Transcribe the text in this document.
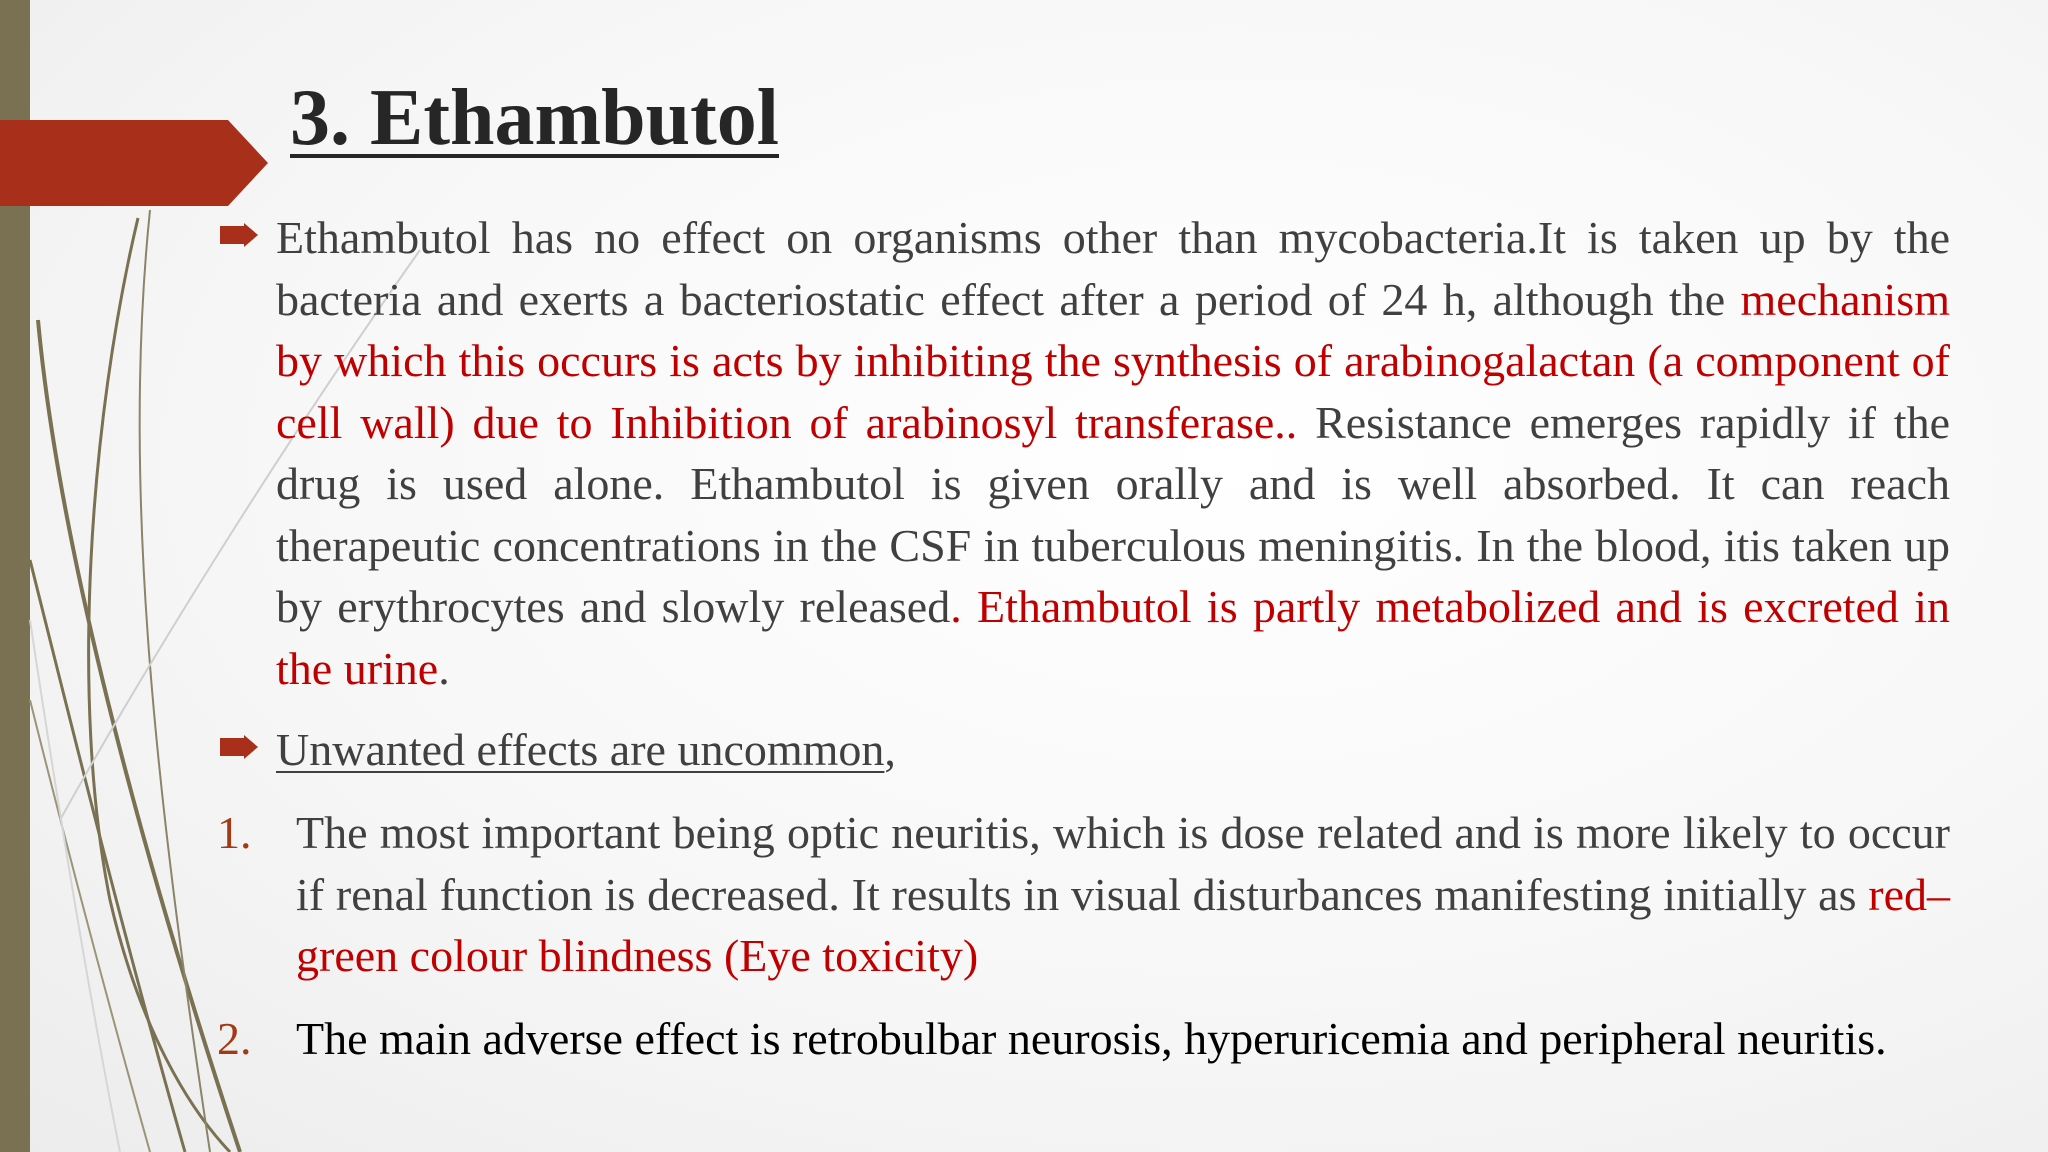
3. Ethambutol

Ethambutol has no effect on organisms other than mycobacteria.It is taken up by the bacteria and exerts a bacteriostatic effect after a period of 24 h, although the mechanism by which this occurs is acts by inhibiting the synthesis of arabinogalactan (a component of cell wall) due to Inhibition of arabinosyl transferase.. Resistance emerges rapidly if the drug is used alone. Ethambutol is given orally and is well absorbed. It can reach therapeutic concentrations in the CSF in tuberculous meningitis. In the blood, itis taken up by erythrocytes and slowly released. Ethambutol is partly metabolized and is excreted in the urine.

Unwanted effects are uncommon,

1. The most important being optic neuritis, which is dose related and is more likely to occur if renal function is decreased. It results in visual disturbances manifesting initially as red–green colour blindness (Eye toxicity)

2. The main adverse effect is retrobulbar neurosis, hyperuricemia and peripheral neuritis.
